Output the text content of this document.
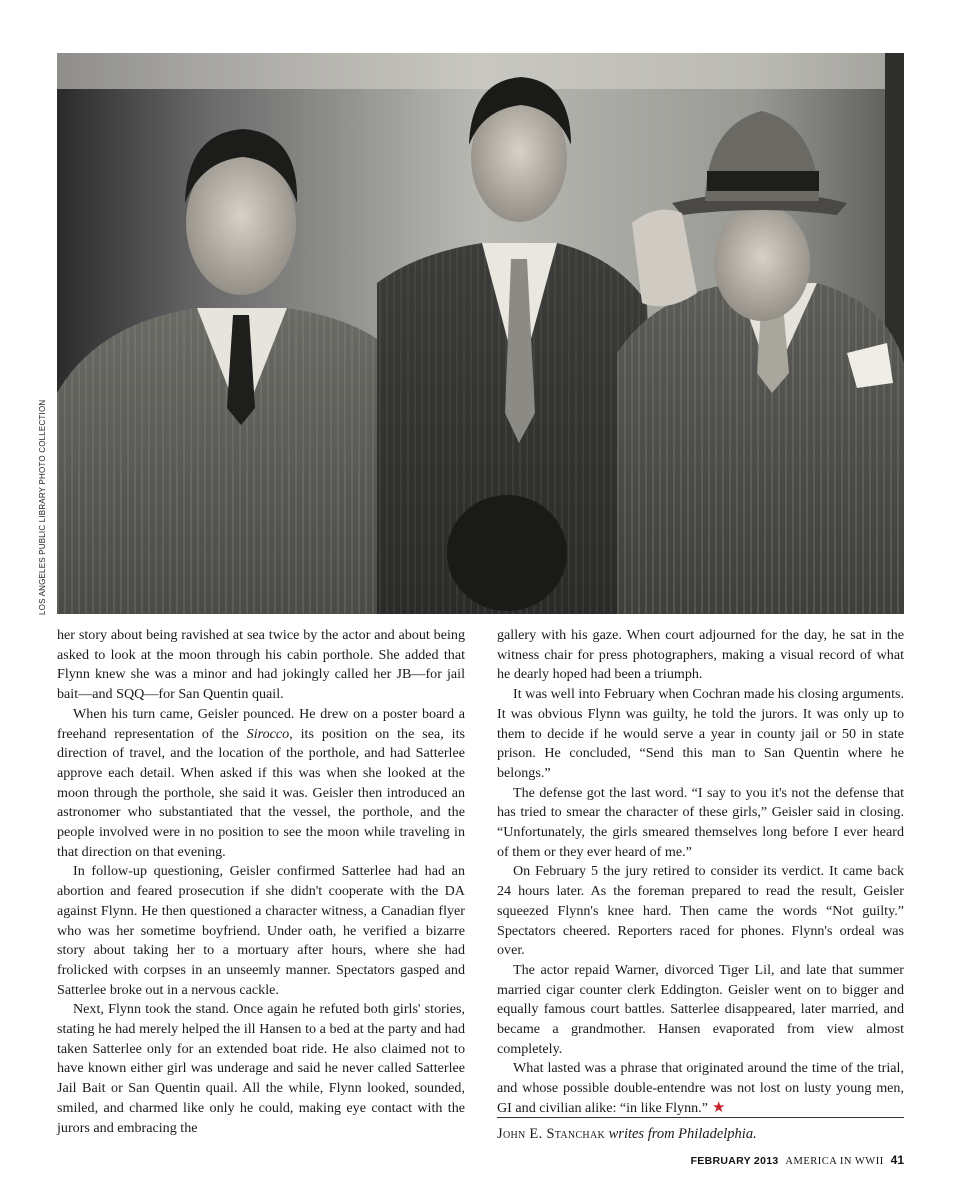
LOS ANGELES PUBLIC LIBRARY PHOTO COLLECTION

her story about being ravished at sea twice by the actor and about being asked to look at the moon through his cabin porthole. She added that Flynn knew she was a minor and had jokingly called her JB—for jail bait—and SQQ—for San Quentin quail.

When his turn came, Geisler pounced. He drew on a poster board a freehand representation of the Sirocco, its position on the sea, its direction of travel, and the location of the porthole, and had Satterlee approve each detail. When asked if this was when she looked at the moon through the porthole, she said it was. Geisler then introduced an astronomer who substantiated that the vessel, the porthole, and the people involved were in no position to see the moon while traveling in that direction on that evening.

In follow-up questioning, Geisler confirmed Satterlee had had an abortion and feared prosecution if she didn't cooperate with the DA against Flynn. He then questioned a character witness, a Canadian flyer who was her sometime boyfriend. Under oath, he verified a bizarre story about taking her to a mortuary after hours, where she had frolicked with corpses in an unseemly manner. Spectators gasped and Satterlee broke out in a nervous cackle.

Next, Flynn took the stand. Once again he refuted both girls' stories, stating he had merely helped the ill Hansen to a bed at the party and had taken Satterlee only for an extended boat ride. He also claimed not to have known either girl was underage and said he never called Satterlee Jail Bait or San Quentin quail. All the while, Flynn looked, sounded, smiled, and charmed like only he could, making eye contact with the jurors and embracing the

gallery with his gaze. When court adjourned for the day, he sat in the witness chair for press photographers, making a visual record of what he dearly hoped had been a triumph.

It was well into February when Cochran made his closing arguments. It was obvious Flynn was guilty, he told the jurors. It was only up to them to decide if he would serve a year in county jail or 50 in state prison. He concluded, “Send this man to San Quentin where he belongs.”

The defense got the last word. “I say to you it's not the defense that has tried to smear the character of these girls,” Geisler said in closing. “Unfortunately, the girls smeared themselves long before I ever heard of them or they ever heard of me.”

On February 5 the jury retired to consider its verdict. It came back 24 hours later. As the foreman prepared to read the result, Geisler squeezed Flynn's knee hard. Then came the words “Not guilty.” Spectators cheered. Reporters raced for phones. Flynn's ordeal was over.

The actor repaid Warner, divorced Tiger Lil, and late that summer married cigar counter clerk Eddington. Geisler went on to bigger and equally famous court battles. Satterlee disappeared, later married, and became a grandmother. Hansen evaporated from view almost completely.

What lasted was a phrase that originated around the time of the trial, and whose possible double-entendre was not lost on lusty young men, GI and civilian alike: “in like Flynn.” ★

John E. Stanchak writes from Philadelphia.
FEBRUARY 2013 AMERICA IN WWII 41
